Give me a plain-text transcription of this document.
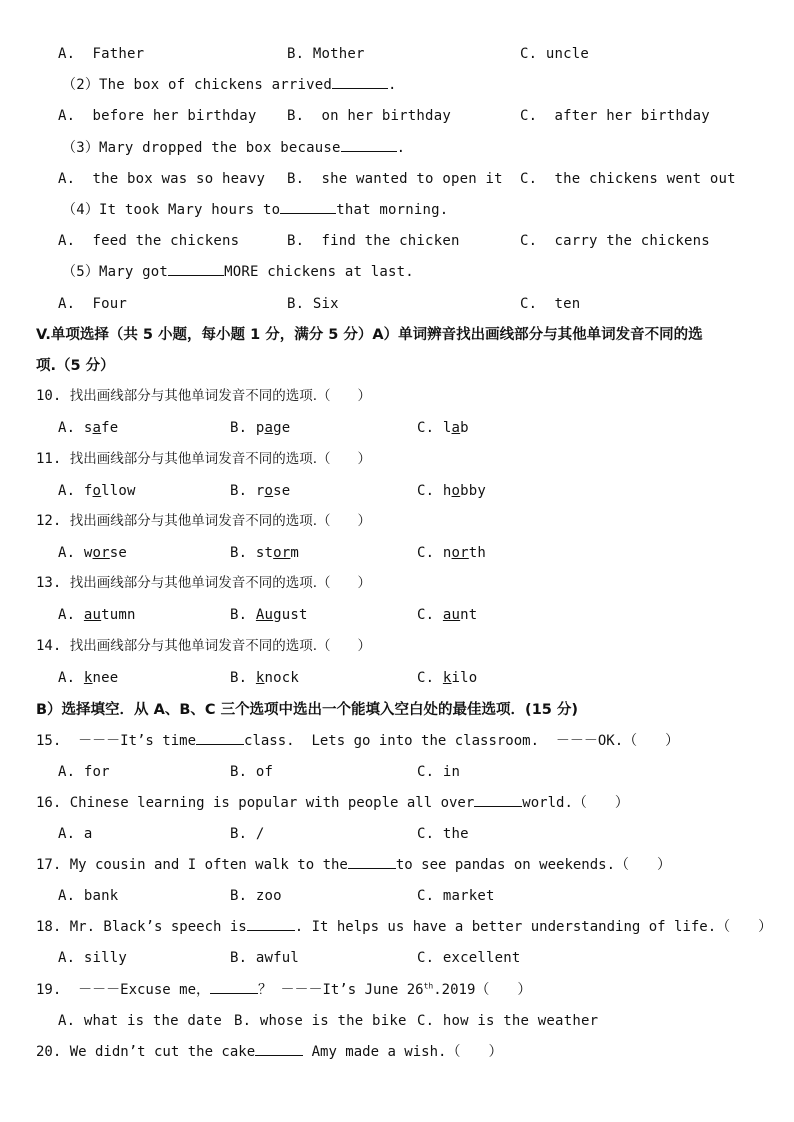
A.  Father	B. Mother	C. uncle
（2）The box of chickens arrived	.
A.  before her birthday B.  on her birthday	C.  after her birthday
（3）Mary dropped the box because	.
A.  the box was so heavy B.  she wanted to open it C.  the chickens went out
（4）It took Mary hours to	that morning.
A.  feed the chickens	B.  find the chicken	C.  carry the chickens
（5）Mary got	MORE chickens at last.
A.  Four	B. Six	C.  ten
V.单项选择（共 5 小题，每小题 1 分，满分 5 分）A）单词辨音找出画线部分与其他单词发音不同的选
项.（5 分）
10. 找出画线部分与其他单词发音不同的选项.（　　）
A. safe	B. page	C. lab
11. 找出画线部分与其他单词发音不同的选项.（　　）
A. follow	B. rose	C. hobby
12. 找出画线部分与其他单词发音不同的选项.（　　）
A. worse	B. storm	C. north
13. 找出画线部分与其他单词发音不同的选项.（　　）
A. autumn	B. August	C. aunt
14. 找出画线部分与其他单词发音不同的选项.（　　）
A. knee	B. knock	C. kilo
B）选择填空．从 A、B、C 三个选项中选出一个能填入空白处的最佳选项．(15 分)
15.  －－－It’s time	class.  Lets go into the classroom.  －－－OK.（　　）
A. for	B. of	C. in
16. Chinese learning is popular with people all over	world.（　　）
A. a	B. /	C. the
17. My cousin and I often walk to the	to see pandas on weekends.（　　）
A. bank	B. zoo	C. market
18. Mr. Black’s speech is	. It helps us have a better understanding of life.（　　）
A. silly	B. awful	C. excellent
19.  －－－Excuse me，	？ －－－It’s June 26th.2019（　　）
A. what is the date B. whose is the bike C. how is the weather
20. We didn’t cut the cake	Amy made a wish.（　　）
